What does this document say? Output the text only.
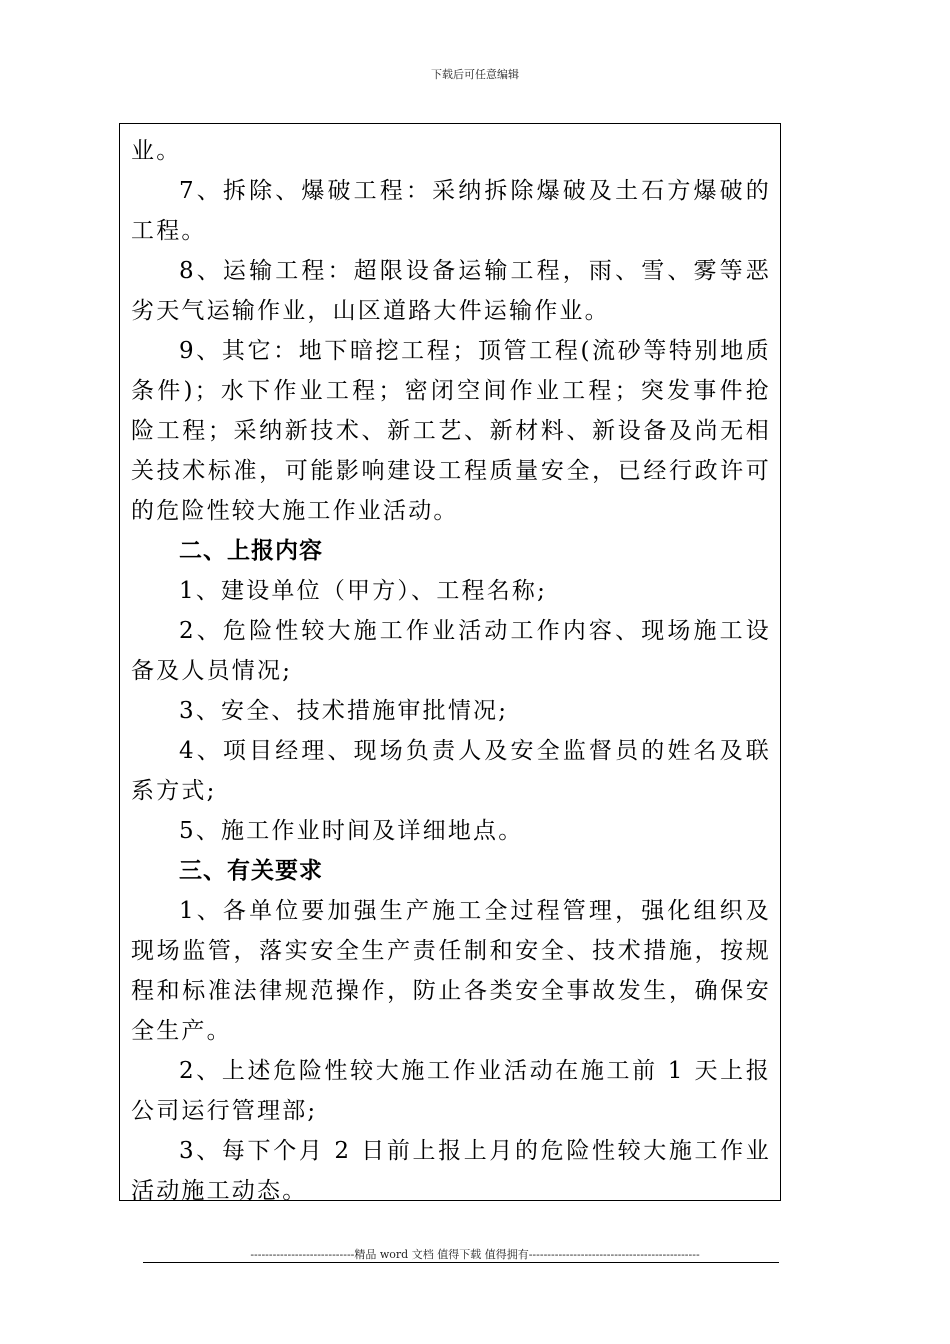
下载后可任意编辑

业。

7、拆除、爆破工程：采纳拆除爆破及土石方爆破的工程。

8、运输工程：超限设备运输工程，雨、雪、雾等恶劣天气运输作业，山区道路大件运输作业。

9、其它：地下暗挖工程；顶管工程(流砂等特别地质条件)；水下作业工程；密闭空间作业工程；突发事件抢险工程；采纳新技术、新工艺、新材料、新设备及尚无相关技术标准，可能影响建设工程质量安全，已经行政许可的危险性较大施工作业活动。

二、上报内容

1、建设单位（甲方）、工程名称;

2、危险性较大施工作业活动工作内容、现场施工设备及人员情况;

3、安全、技术措施审批情况;

4、项目经理、现场负责人及安全监督员的姓名及联系方式;

5、施工作业时间及详细地点。

三、有关要求

1、各单位要加强生产施工全过程管理，强化组织及现场监管，落实安全生产责任制和安全、技术措施，按规程和标准法律规范操作，防止各类安全事故发生，确保安全生产。

2、上述危险性较大施工作业活动在施工前 1 天上报公司运行管理部;

3、每下个月 2 日前上报上月的危险性较大施工作业活动施工动态。

----------------------------精品 word 文档 值得下载 值得拥有----------------------------------------------
